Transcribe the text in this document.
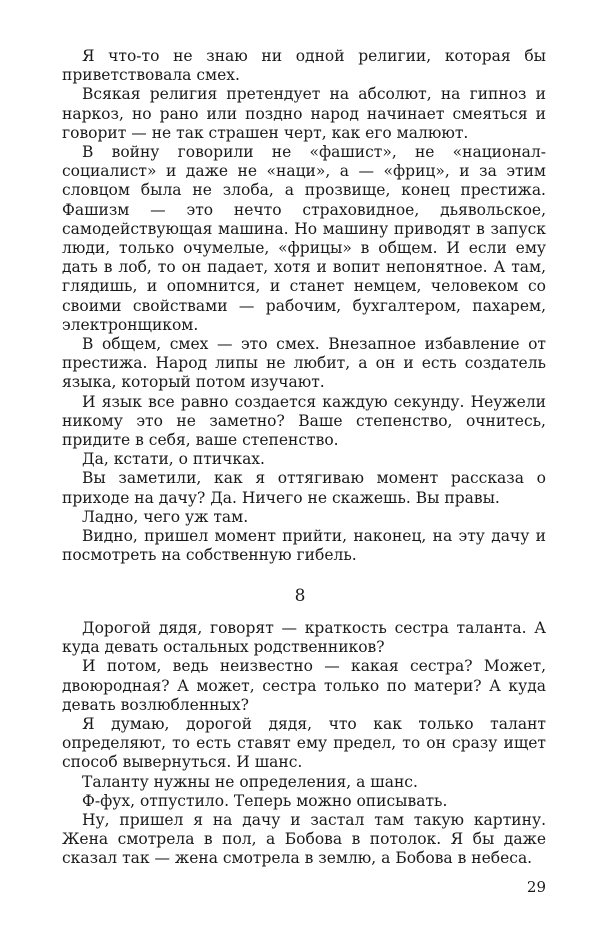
Я что-то не знаю ни одной религии, которая бы приветствовала смех.

Всякая религия претендует на абсолют, на гипноз и наркоз, но рано или поздно народ начинает смеяться и говорит — не так страшен черт, как его малюют.

В войну говорили не «фашист», не «национал-социалист» и даже не «наци», а — «фриц», и за этим словцом была не злоба, а прозвище, конец престижа. Фашизм — это нечто страховидное, дьявольское, самодействующая машина. Но машину приводят в запуск люди, только очумелые, «фрицы» в общем. И если ему дать в лоб, то он падает, хотя и вопит непонятное. А там, глядишь, и опомнится, и станет немцем, человеком со своими свойствами — рабочим, бухгалтером, пахарем, электронщиком.

В общем, смех — это смех. Внезапное избавление от престижа. Народ липы не любит, а он и есть создатель языка, который потом изучают.

И язык все равно создается каждую секунду. Неужели никому это не заметно? Ваше степенство, очнитесь, придите в себя, ваше степенство.

Да, кстати, о птичках.

Вы заметили, как я оттягиваю момент рассказа о приходе на дачу? Да. Ничего не скажешь. Вы правы.

Ладно, чего уж там.

Видно, пришел момент прийти, наконец, на эту дачу и посмотреть на собственную гибель.

8

Дорогой дядя, говорят — краткость сестра таланта. А куда девать остальных родственников?

И потом, ведь неизвестно — какая сестра? Может, двоюродная? А может, сестра только по матери? А куда девать возлюбленных?

Я думаю, дорогой дядя, что как только талант определяют, то есть ставят ему предел, то он сразу ищет способ вывернуться. И шанс.

Таланту нужны не определения, а шанс.

Ф-фух, отпустило. Теперь можно описывать.

Ну, пришел я на дачу и застал там такую картину. Жена смотрела в пол, а Бобова в потолок. Я бы даже сказал так — жена смотрела в землю, а Бобова в небеса.

29
